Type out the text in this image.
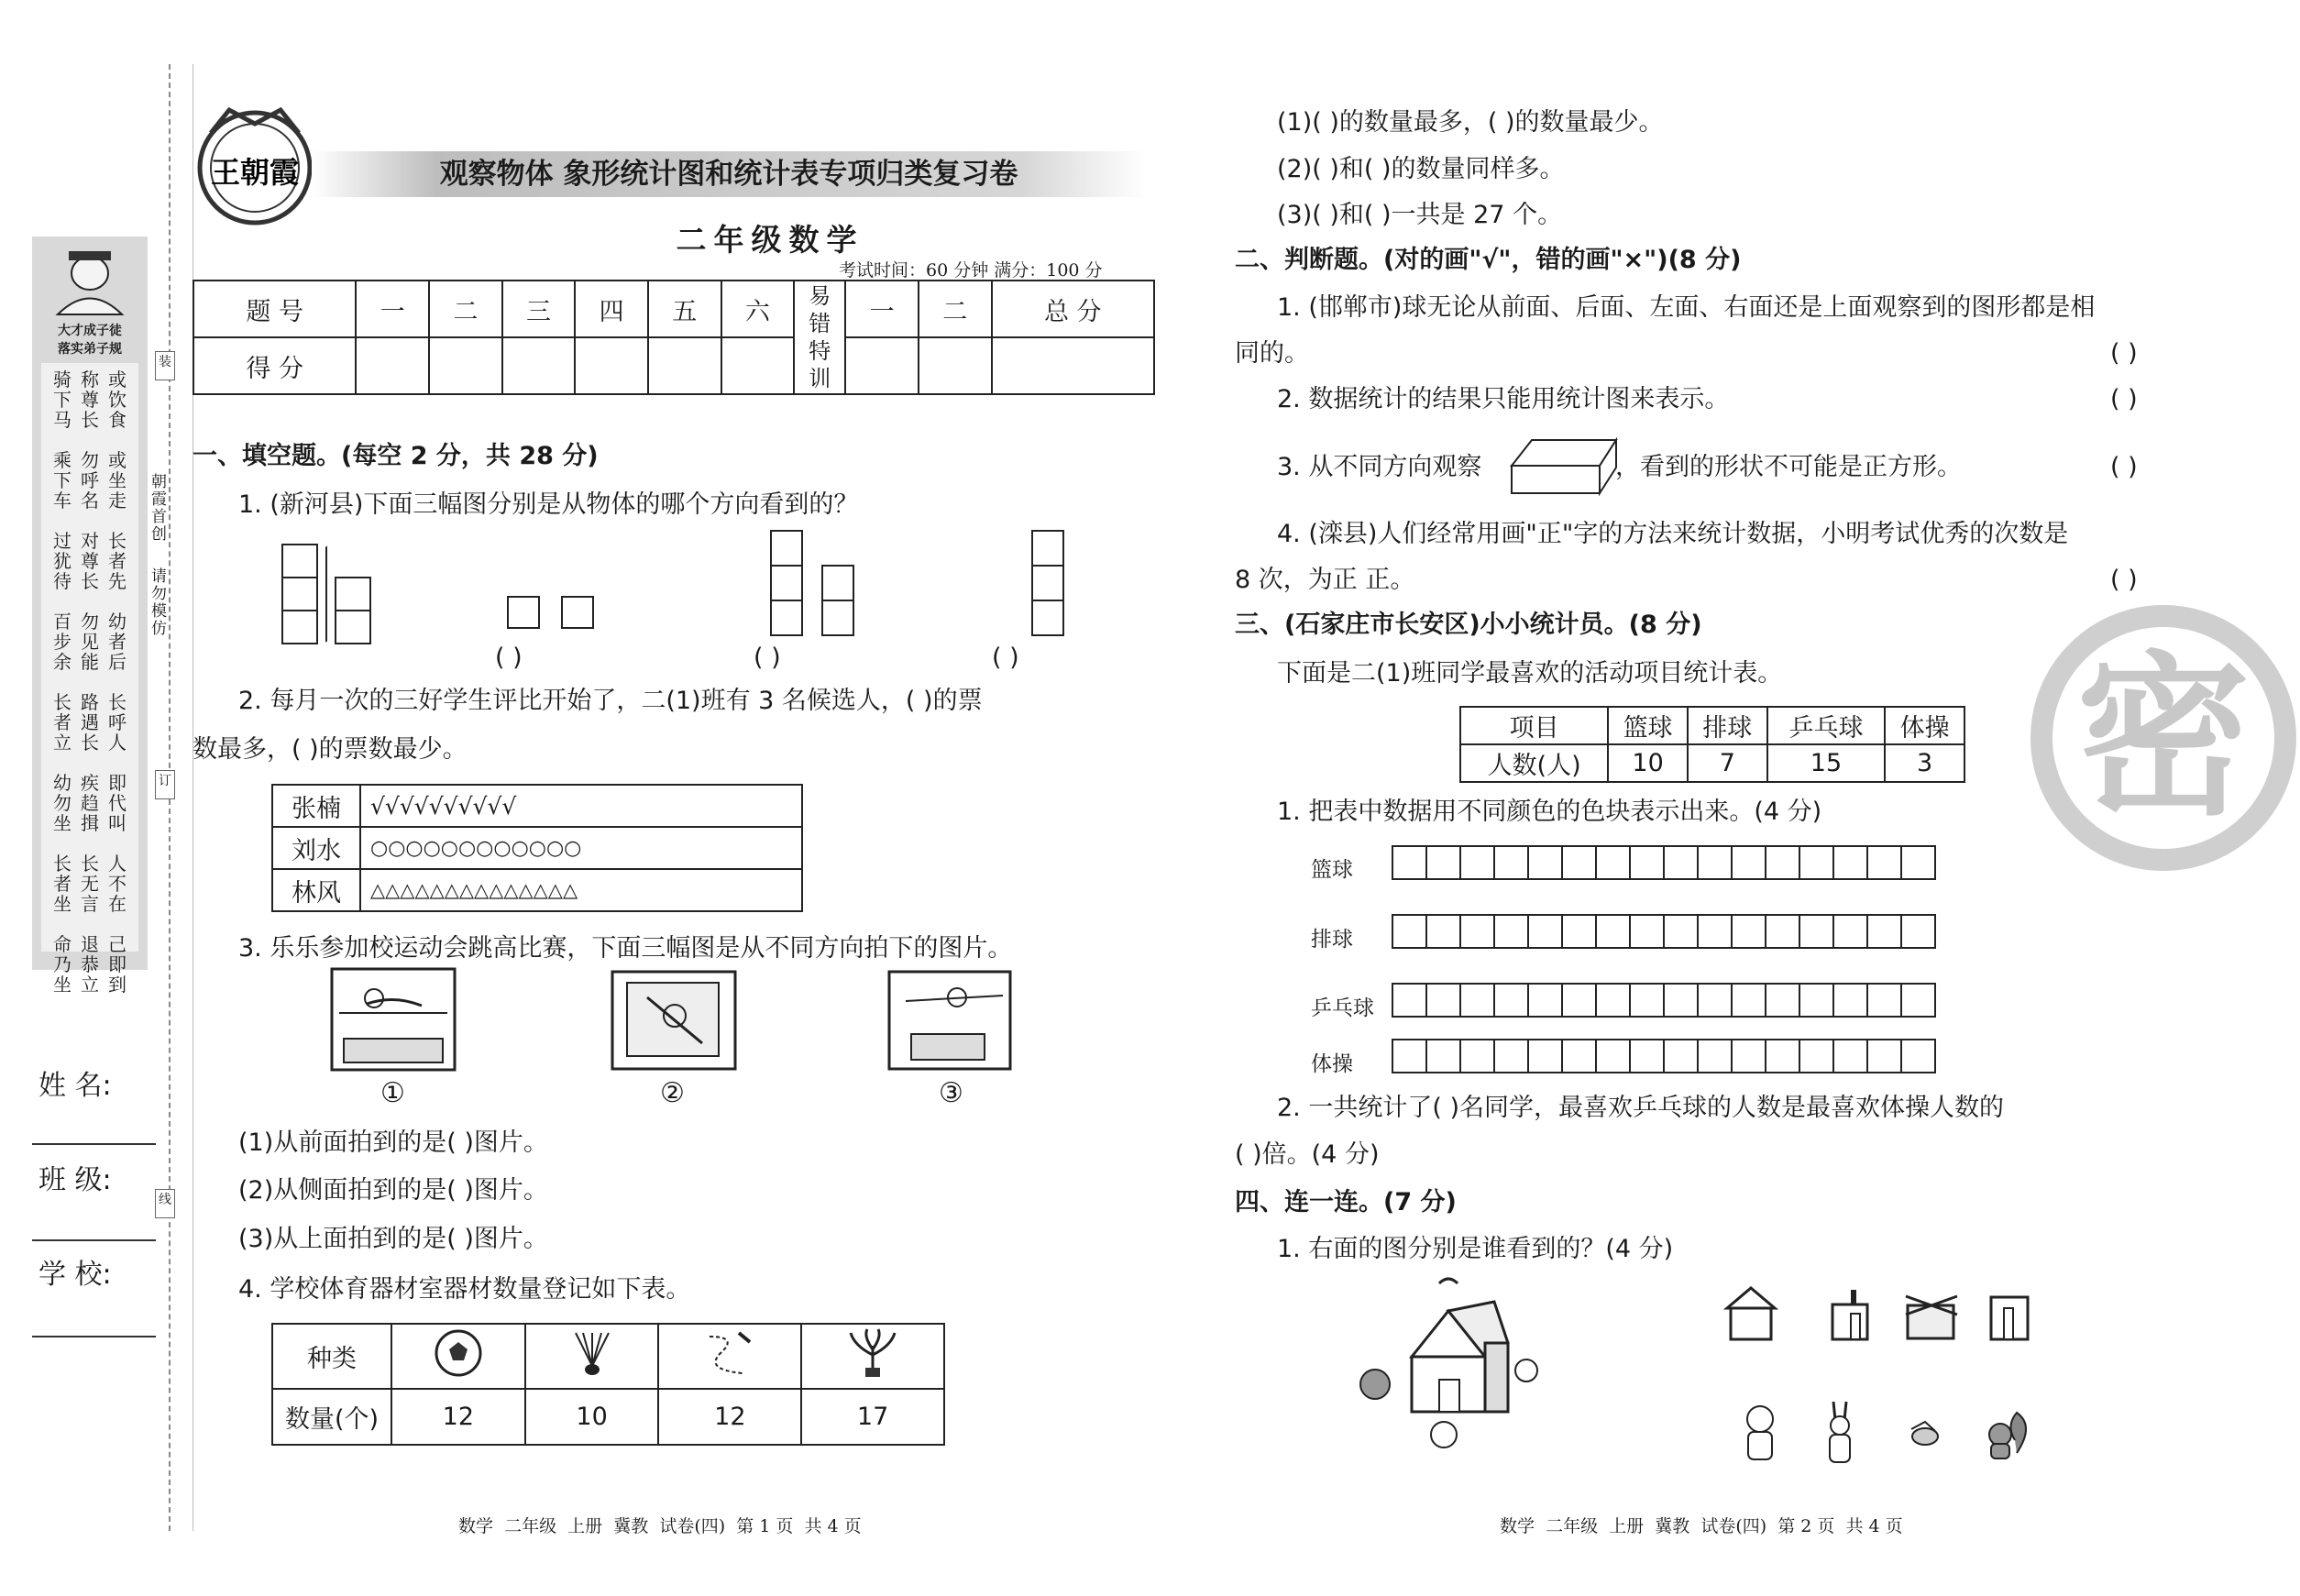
大才成子徒
落实弟子规
骑下马

乘下车

过犹待

百步余

长者立

幼勿坐

长者坐

命乃坐
称尊长

勿呼名

对尊长

勿见能

路遇长

疾趋揖

长无言

退恭立
或饮食

或坐走

长者先

幼者后

长呼人

即代叫

人不在

己即到
姓 名:
班 级:
学 校:
装
订
线
朝霞首创
请勿模仿
王朝霞	观察物体 象形统计图和统计表专项归类复习卷
二年级数学
考试时间：60 分钟 满分：100 分
题 号	一	二	三	四	五	六	易错特训	一	二	总 分
得 分										
一、填空题。(每空 2 分，共 28 分)
1. (新河县)下面三幅图分别是从物体的哪个方向看到的？
( )	( )	( )
2. 每月一次的三好学生评比开始了，二(1)班有 3 名候选人，( )的票
数最多，( )的票数最少。
张楠	√√√√√√√√√√
刘水	○○○○○○○○○○○○
林风	△△△△△△△△△△△△△△
3. 乐乐参加校运动会跳高比赛，下面三幅图是从不同方向拍下的图片。
①	②	③
(1)从前面拍到的是( )图片。
(2)从侧面拍到的是( )图片。
(3)从上面拍到的是( )图片。
4. 学校体育器材室器材数量登记如下表。
种类				
数量(个)	12	10	12	17
数学  二年级  上册  冀教  试卷(四)  第 1 页  共 4 页
(1)( )的数量最多，( )的数量最少。
(2)( )和( )的数量同样多。
(3)( )和( )一共是 27 个。
二、判断题。(对的画"√"，错的画"×")(8 分)
1. (邯郸市)球无论从前面、后面、左面、右面还是上面观察到的图形都是相
同的。	( )
2. 数据统计的结果只能用统计图来表示。	( )
3. 从不同方向观察	，看到的形状不可能是正方形。	( )
4. (滦县)人们经常用画"正"字的方法来统计数据，小明考试优秀的次数是
8 次，为正 正。	( )
三、(石家庄市长安区)小小统计员。(8 分)
下面是二(1)班同学最喜欢的活动项目统计表。
项目	篮球	排球	乒乓球	体操
人数(人)	10	7	15	3
1. 把表中数据用不同颜色的色块表示出来。(4 分)
篮球
排球
乒乓球
体操
2. 一共统计了( )名同学，最喜欢乒乓球的人数是最喜欢体操人数的
( )倍。(4 分)
四、连一连。(7 分)
1. 右面的图分别是谁看到的？(4 分)
密
数学  二年级  上册  冀教  试卷(四)  第 2 页  共 4 页
